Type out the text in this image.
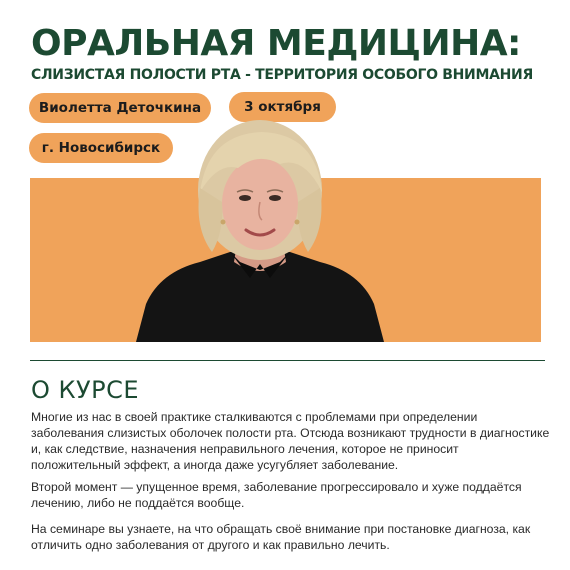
ОРАЛЬНАЯ МЕДИЦИНА:
СЛИЗИСТАЯ ПОЛОСТИ РТА - ТЕРРИТОРИЯ ОСОБОГО ВНИМАНИЯ
Виолетта Деточкина	3 октября
г. Новосибирск
О КУРСЕ

Многие из нас в своей практике сталкиваются с проблемами при определении заболевания слизистых оболочек полости рта. Отсюда возникают трудности в диагностике и, как следствие, назначения неправильного лечения, которое не приносит положительный эффект, а иногда даже усугубляет заболевание.

Второй момент — упущенное время, заболевание прогрессировало и хуже поддаётся лечению, либо не поддаётся вообще.

На семинаре вы узнаете, на что обращать своё внимание при постановке диагноза, как отличить одно заболевания от другого и как правильно лечить.
